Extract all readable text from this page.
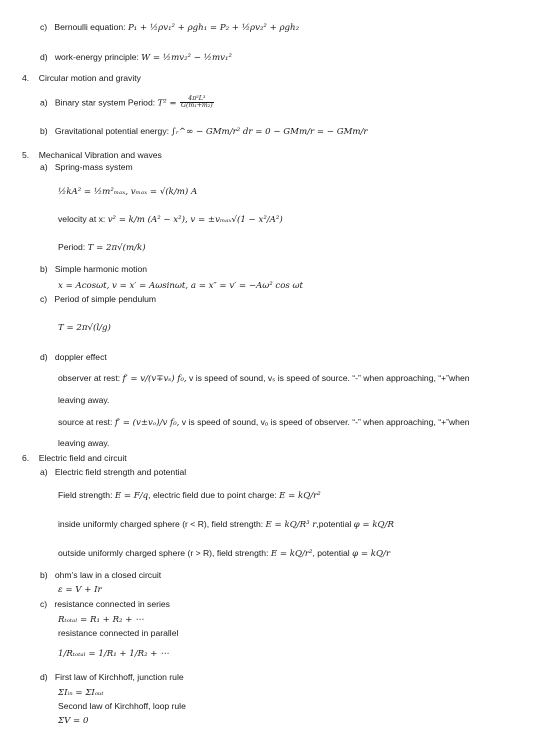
c) Bernoulli equation: P₁ + ½ρv₁² + ρgh₁ = P₂ + ½ρv₂² + ρgh₂
d) work-energy principle: W = ½mv₂² − ½mv₁²
4. Circular motion and gravity
a) Binary star system Period: $T^2 = \frac{\text{4π²L³}}{\text{G(m₁+m₂)}}$
b) Gravitational potential energy: ∫ᵣ^∞ − GMm/r² dr = 0 − GMm/r = − GMm/r
5. Mechanical Vibration and waves
a) Spring-mass system
½kA² = ½m²ₘₐₓ, vₘₐₓ = √(k/m) A
velocity at x: v² = k/m (A² − x²), v = ±vₘₐₓ√(1 − x²/A²)
Period: T = 2π√(m/k)
b) Simple harmonic motion
x = Acosωt, v = x′ = Aωsinωt, a = x″ = v′ = −Aω² cos ωt
c) Period of simple pendulum
T = 2π√(l/g)
d) doppler effect
observer at rest: f′ = v/(v∓vₛ) f₀, v is speed of sound, vₛ is speed of source. “-” when approaching, “+”when
leaving away.
source at rest: f′ = (v±vₒ)/v f₀, v is speed of sound, vₒ is speed of observer. “-” when approaching, “+”when
leaving away.
6. Electric field and circuit
a) Electric field strength and potential
Field strength: E = F/q, electric field due to point charge: E = kQ/r²
inside uniformly charged sphere (r < R), field strength: E = kQ/R³ r,potential φ = kQ/R
outside uniformly charged sphere (r > R), field strength: E = kQ/r², potential φ = kQ/r
b) ohm’s law in a closed circuit
ε = V + Ir
c) resistance connected in series
Rₜₒₜₐₗ = R₁ + R₂ + ⋯
resistance connected in parallel
1/Rₜₒₜₐₗ = 1/R₁ + 1/R₂ + ⋯
d) First law of Kirchhoff, junction rule
ΣIᵢₙ = ΣIₒᵤₜ
Second law of Kirchhoff, loop rule
ΣV = 0
